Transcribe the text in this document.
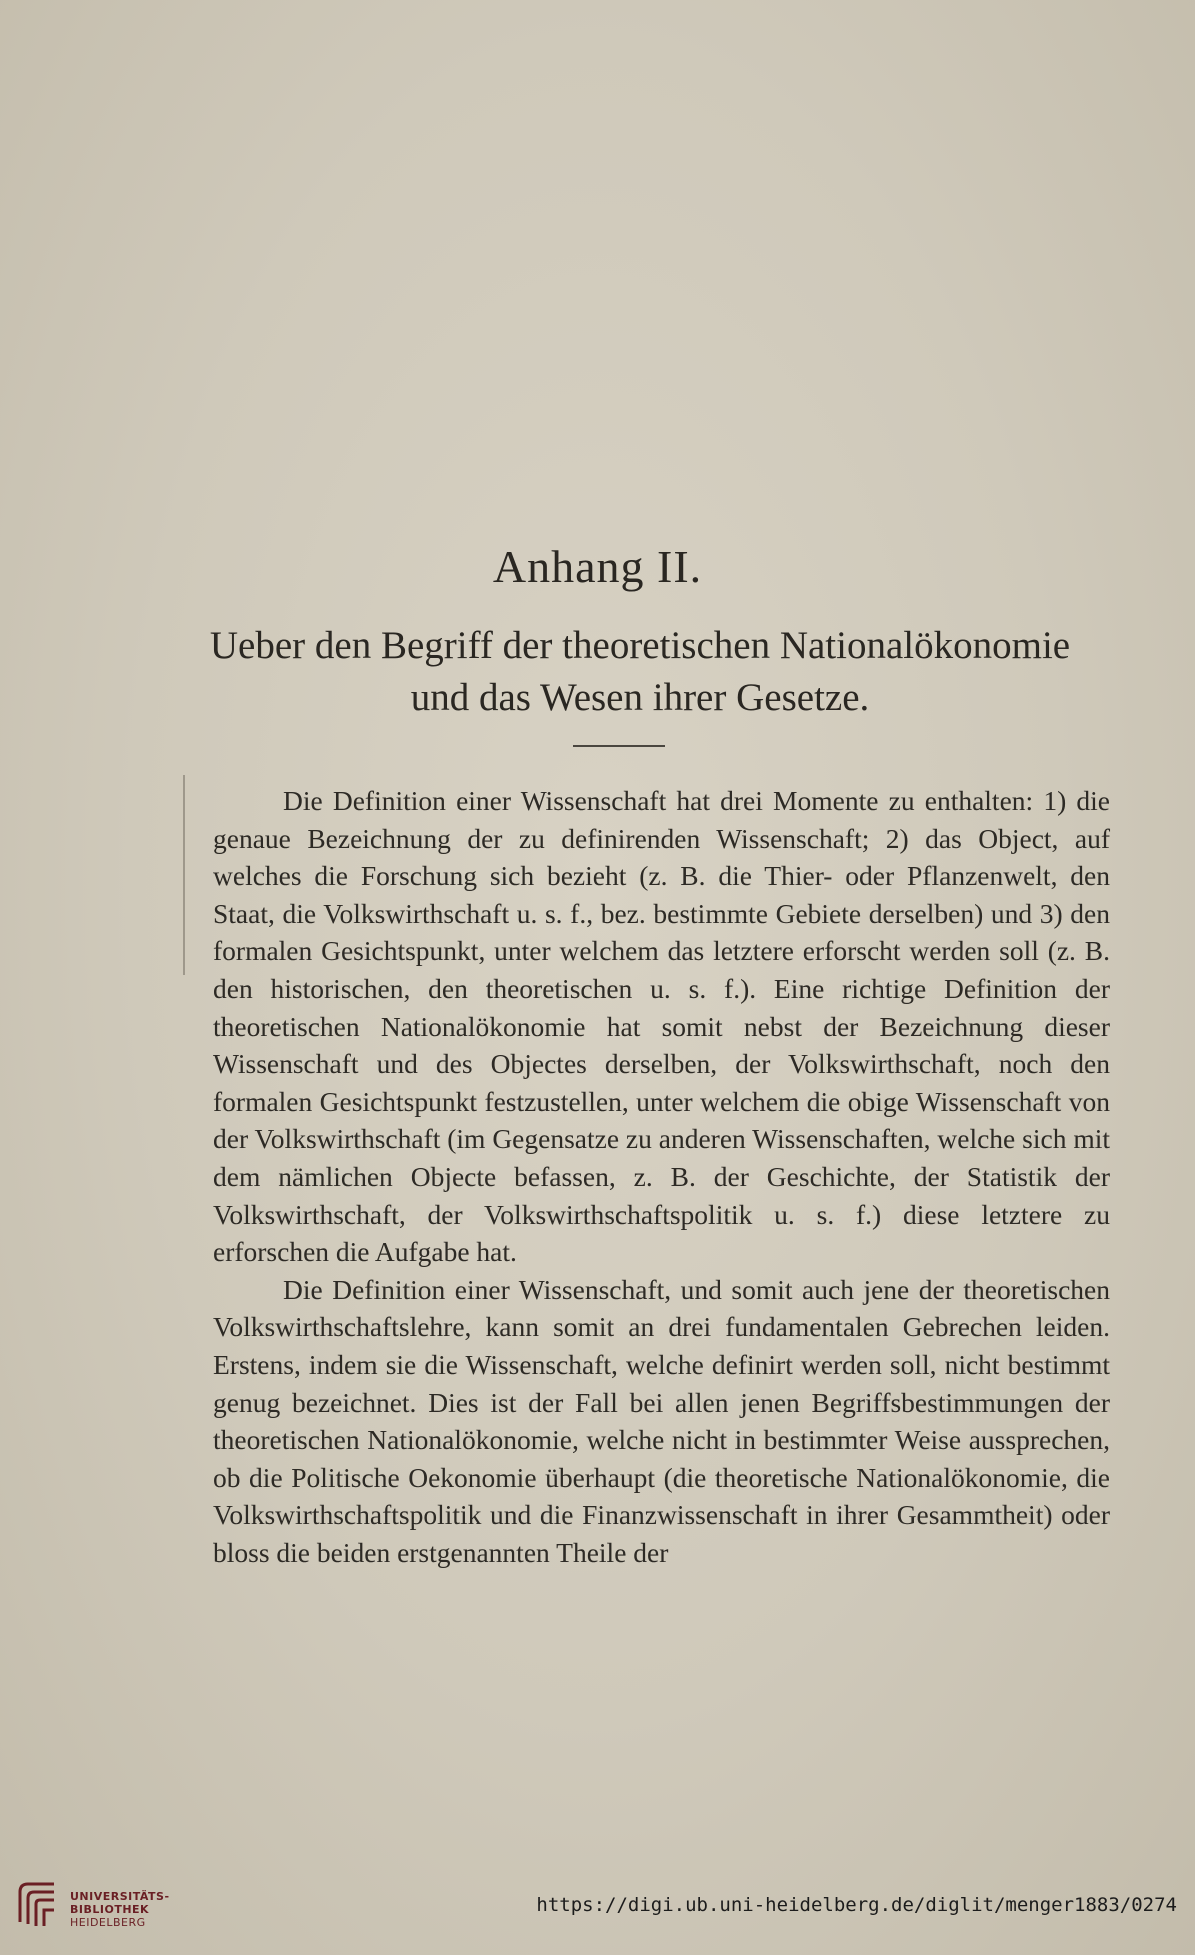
Anhang II.
Ueber den Begriff der theoretischen Nationalökonomie
und das Wesen ihrer Gesetze.

Die Definition einer Wissenschaft hat drei Momente zu enthalten: 1) die genaue Bezeichnung der zu definirenden Wissenschaft; 2) das Object, auf welches die Forschung sich bezieht (z. B. die Thier- oder Pflanzenwelt, den Staat, die Volkswirthschaft u. s. f., bez. bestimmte Gebiete derselben) und 3) den formalen Gesichtspunkt, unter welchem das letztere erforscht werden soll (z. B. den historischen, den theoretischen u. s. f.). Eine richtige Definition der theoretischen Nationalökonomie hat somit nebst der Bezeichnung dieser Wissenschaft und des Objectes derselben, der Volkswirthschaft, noch den formalen Gesichtspunkt festzustellen, unter welchem die obige Wissenschaft von der Volkswirthschaft (im Gegensatze zu anderen Wissenschaften, welche sich mit dem nämlichen Objecte befassen, z. B. der Geschichte, der Statistik der Volkswirthschaft, der Volkswirthschaftspolitik u. s. f.) diese letztere zu erforschen die Aufgabe hat.

Die Definition einer Wissenschaft, und somit auch jene der theoretischen Volkswirthschaftslehre, kann somit an drei fundamentalen Gebrechen leiden. Erstens, indem sie die Wissenschaft, welche definirt werden soll, nicht bestimmt genug bezeichnet. Dies ist der Fall bei allen jenen Begriffsbestimmungen der theoretischen Nationalökonomie, welche nicht in bestimmter Weise aussprechen, ob die Politische Oekonomie überhaupt (die theoretische Nationalökonomie, die Volkswirthschaftspolitik und die Finanzwissenschaft in ihrer Gesammtheit) oder bloss die beiden erstgenannten Theile der

UNIVERSITÄTS-
BIBLIOTHEK
HEIDELBERG
https://digi.ub.uni-heidelberg.de/diglit/menger1883/0274
